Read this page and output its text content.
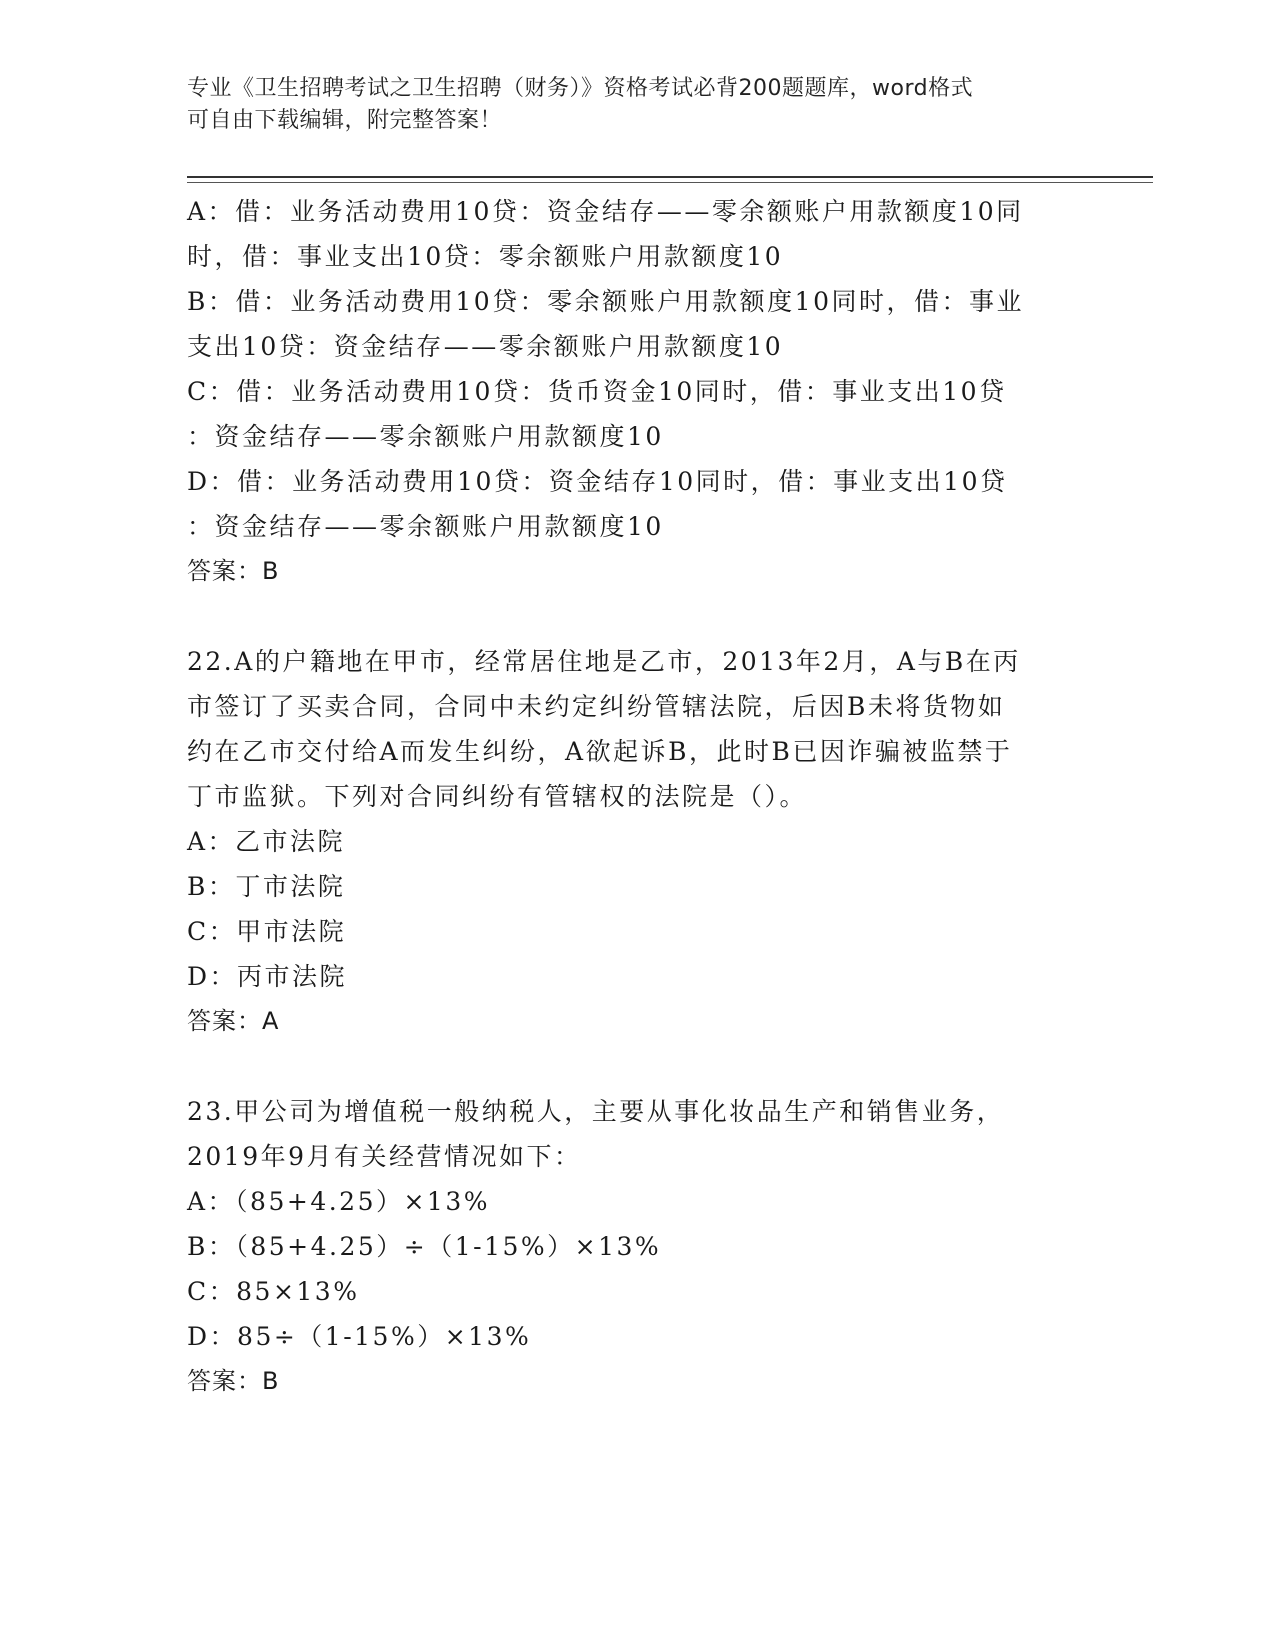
专业《卫生招聘考试之卫生招聘（财务）》资格考试必背200题题库，word格式
可自由下载编辑，附完整答案！
A：借：业务活动费用10贷：资金结存——零余额账户用款额度10同
时，借：事业支出10贷：零余额账户用款额度10
B：借：业务活动费用10贷：零余额账户用款额度10同时，借：事业
支出10贷：资金结存——零余额账户用款额度10
C：借：业务活动费用10贷：货币资金10同时，借：事业支出10贷
：资金结存——零余额账户用款额度10
D：借：业务活动费用10贷：资金结存10同时，借：事业支出10贷
：资金结存——零余额账户用款额度10
答案：B
22.A的户籍地在甲市，经常居住地是乙市，2013年2月，A与B在丙
市签订了买卖合同，合同中未约定纠纷管辖法院，后因B未将货物如
约在乙市交付给A而发生纠纷，A欲起诉B，此时B已因诈骗被监禁于
丁市监狱。下列对合同纠纷有管辖权的法院是（）。
A：乙市法院
B：丁市法院
C：甲市法院
D：丙市法院
答案：A
23.甲公司为增值税一般纳税人，主要从事化妆品生产和销售业务，
2019年9月有关经营情况如下：
A：（85+4.25）×13%
B：（85+4.25）÷（1-15%）×13%
C：85×13%
D：85÷（1-15%）×13%
答案：B
